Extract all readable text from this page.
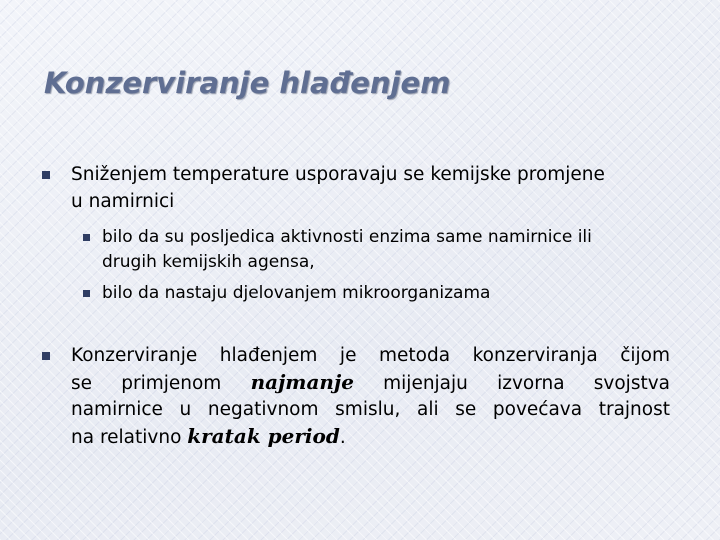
Konzerviranje hlađenjem
Sniženjem temperature usporavaju se kemijske promjene
u namirnici
bilo da su posljedica aktivnosti enzima same namirnice ili
drugih kemijskih agensa,
bilo da nastaju djelovanjem mikroorganizama
Konzerviranje hlađenjem je metoda konzerviranja čijom
se primjenom najmanje mijenjaju izvorna svojstva
namirnice u negativnom smislu, ali se povećava trajnost
na relativno kratak period.
